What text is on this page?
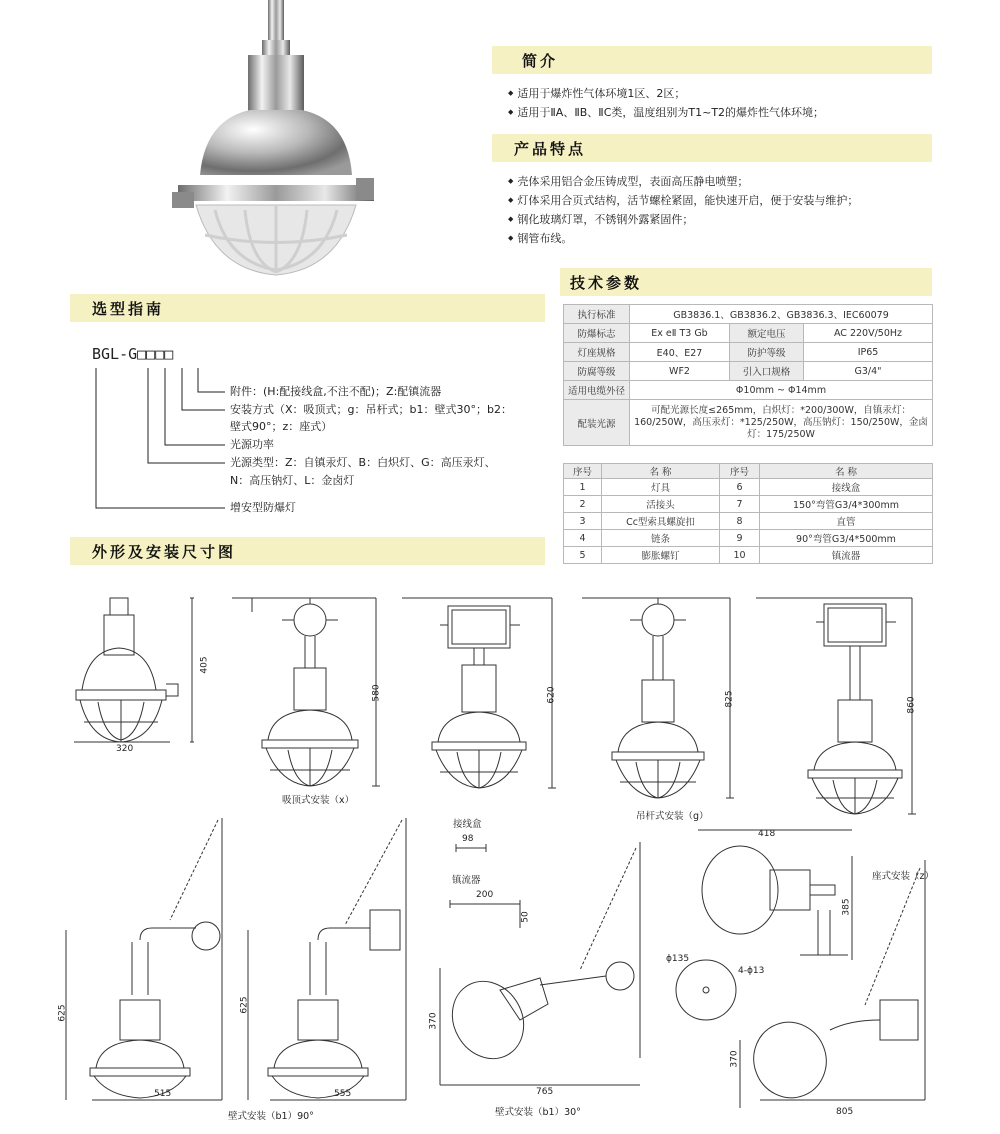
简介
产品特点
技术参数
选型指南
外形及安装尺寸图
◆ 适用于爆炸性气体环境1区、2区；
◆ 适用于ⅡA、ⅡB、ⅡC类，温度组别为T1~T2的爆炸性气体环境；
◆ 壳体采用铝合金压铸成型，表面高压静电喷塑；
◆ 灯体采用合页式结构，活节螺栓紧固，能快速开启，便于安装与维护；
◆ 钢化玻璃灯罩，不锈钢外露紧固件；
◆ 钢管布线。
执行标准	GB3836.1、GB3836.2、GB3836.3、IEC60079		
防爆标志	Ex eⅡ T3 Gb	额定电压	AC 220V/50Hz
灯座规格	E40、E27	防护等级	IP65
防腐等级	WF2	引入口规格	G3/4"
适用电缆外径	Φ10mm ~ Φ14mm		
配装光源	可配光源长度≤265mm，白炽灯：*200/300W，自镇汞灯：160/250W，高压汞灯：*125/250W，高压钠灯：150/250W，金卤灯：175/250W		
序号	名 称	序号	名 称
1	灯具	6	接线盒
2	活接头	7	150°弯管G3/4*300mm
3	Cc型索具螺旋扣	8	直管
4	链条	9	90°弯管G3/4*500mm
5	膨胀螺钉	10	镇流器
BGL-G□□□□
附件：(H:配接线盒,不注不配)；Z:配镇流器
安装方式（X：吸顶式；g：吊杆式；b1：壁式30°；b2：
壁式90°；z：座式）
光源功率
光源类型：Z：自镇汞灯、B：白炽灯、G：高压汞灯、
N：高压钠灯、L：金卤灯
增安型防爆灯
405
320
580	620	825	860
98
200
50
418
385
625	625
515	555
370
765
ϕ135
4-ϕ13
370
805
吸顶式安装（x）
吊杆式安装（g）
壁式安装（b1）90°	壁式安装（b1）30°
座式安装（z）
接线盒
镇流器
